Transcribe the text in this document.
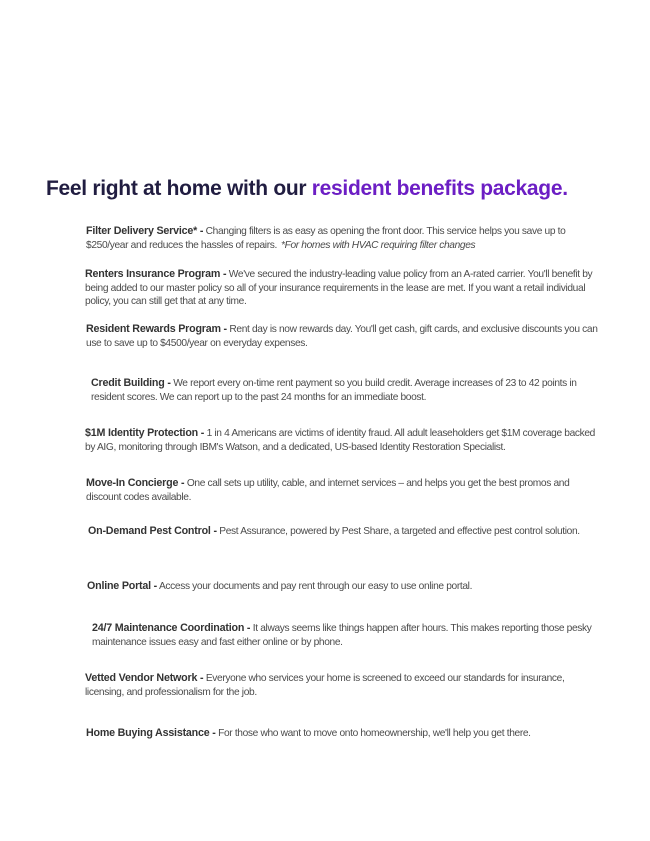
Feel right at home with our resident benefits package.
Filter Delivery Service* - Changing filters is as easy as opening the front door. This service helps you save up to $250/year and reduces the hassles of repairs. *For homes with HVAC requiring filter changes
Renters Insurance Program - We've secured the industry-leading value policy from an A-rated carrier. You'll benefit by being added to our master policy so all of your insurance requirements in the lease are met. If you want a retail individual policy, you can still get that at any time.
Resident Rewards Program - Rent day is now rewards day. You'll get cash, gift cards, and exclusive discounts you can use to save up to $4500/year on everyday expenses.
Credit Building - We report every on-time rent payment so you build credit. Average increases of 23 to 42 points in resident scores. We can report up to the past 24 months for an immediate boost.
$1M Identity Protection - 1 in 4 Americans are victims of identity fraud. All adult leaseholders get $1M coverage backed by AIG, monitoring through IBM's Watson, and a dedicated, US-based Identity Restoration Specialist.
Move-In Concierge - One call sets up utility, cable, and internet services – and helps you get the best promos and discount codes available.
On-Demand Pest Control - Pest Assurance, powered by Pest Share, a targeted and effective pest control solution.
Online Portal - Access your documents and pay rent through our easy to use online portal.
24/7 Maintenance Coordination - It always seems like things happen after hours. This makes reporting those pesky maintenance issues easy and fast either online or by phone.
Vetted Vendor Network - Everyone who services your home is screened to exceed our standards for insurance, licensing, and professionalism for the job.
Home Buying Assistance - For those who want to move onto homeownership, we'll help you get there.
